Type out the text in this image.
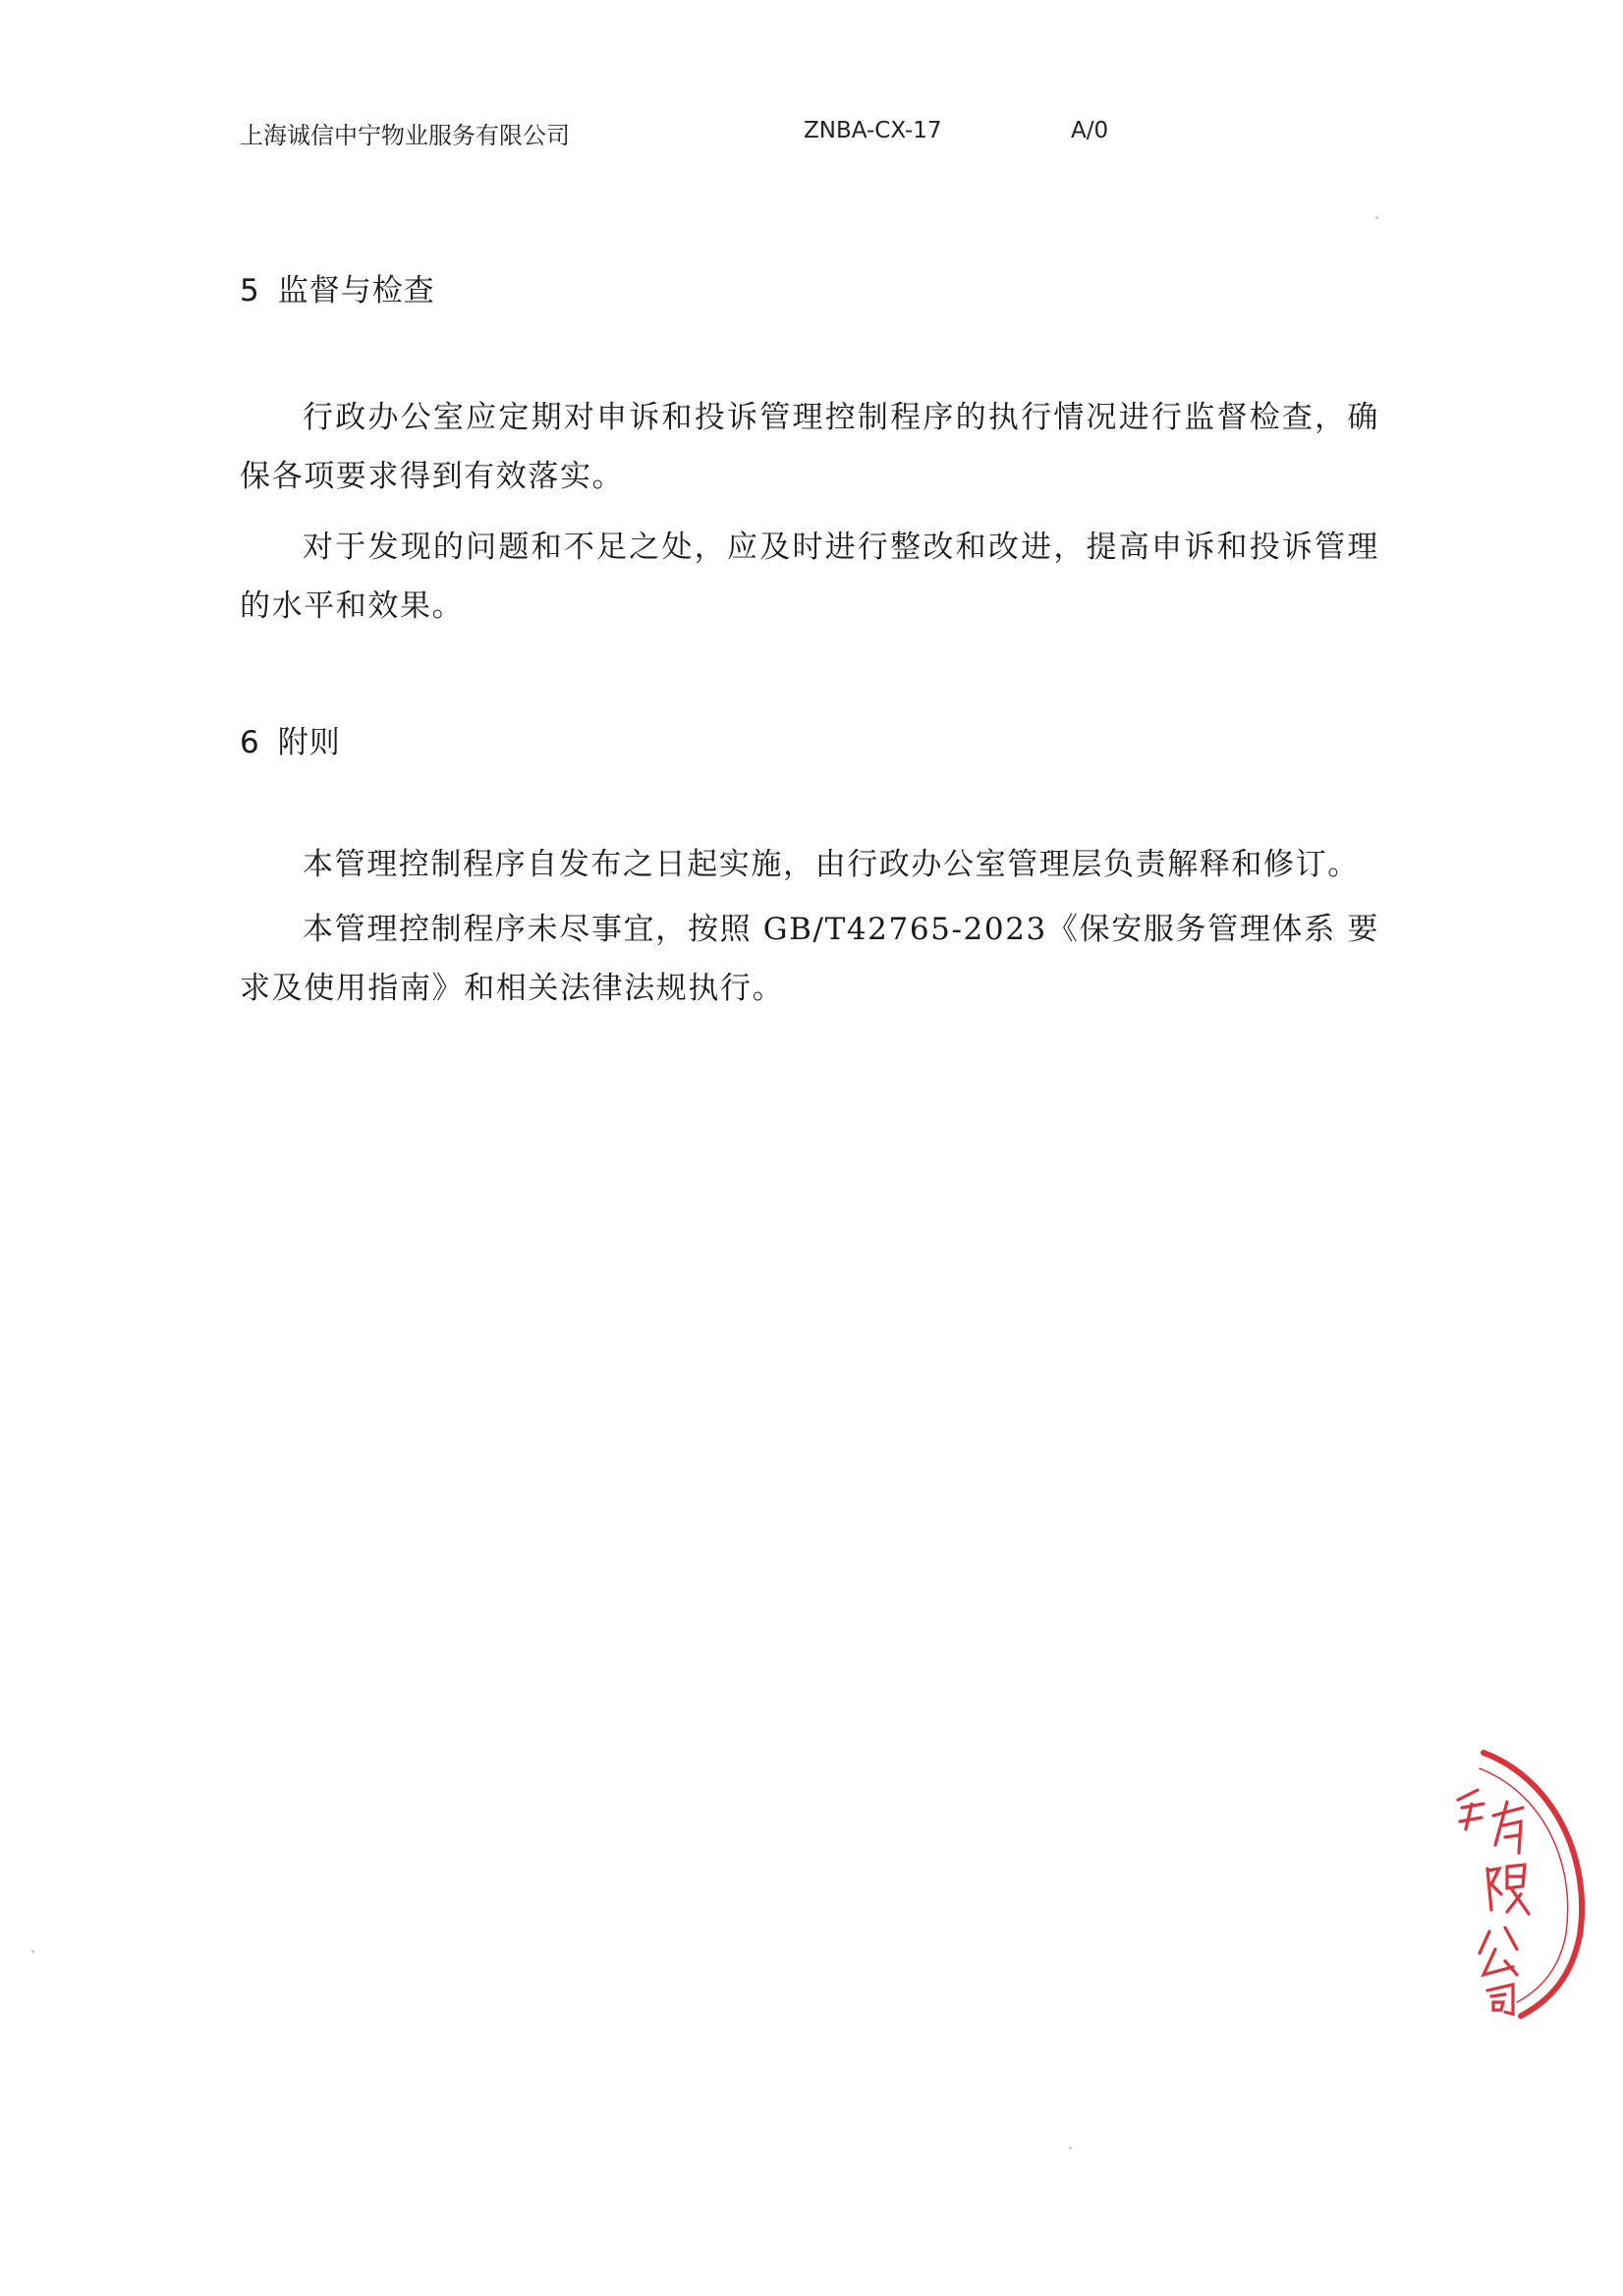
上海诚信中宁物业服务有限公司	ZNBA-CX-17	A/0
5 监督与检查

行政办公室应定期对申诉和投诉管理控制程序的执行情况进行监督检查，确保各项要求得到有效落实。

对于发现的问题和不足之处，应及时进行整改和改进，提高申诉和投诉管理的水平和效果。

6 附则

本管理控制程序自发布之日起实施，由行政办公室管理层负责解释和修订。

本管理控制程序未尽事宜，按照 GB/T42765-2023《保安服务管理体系 要求及使用指南》和相关法律法规执行。
